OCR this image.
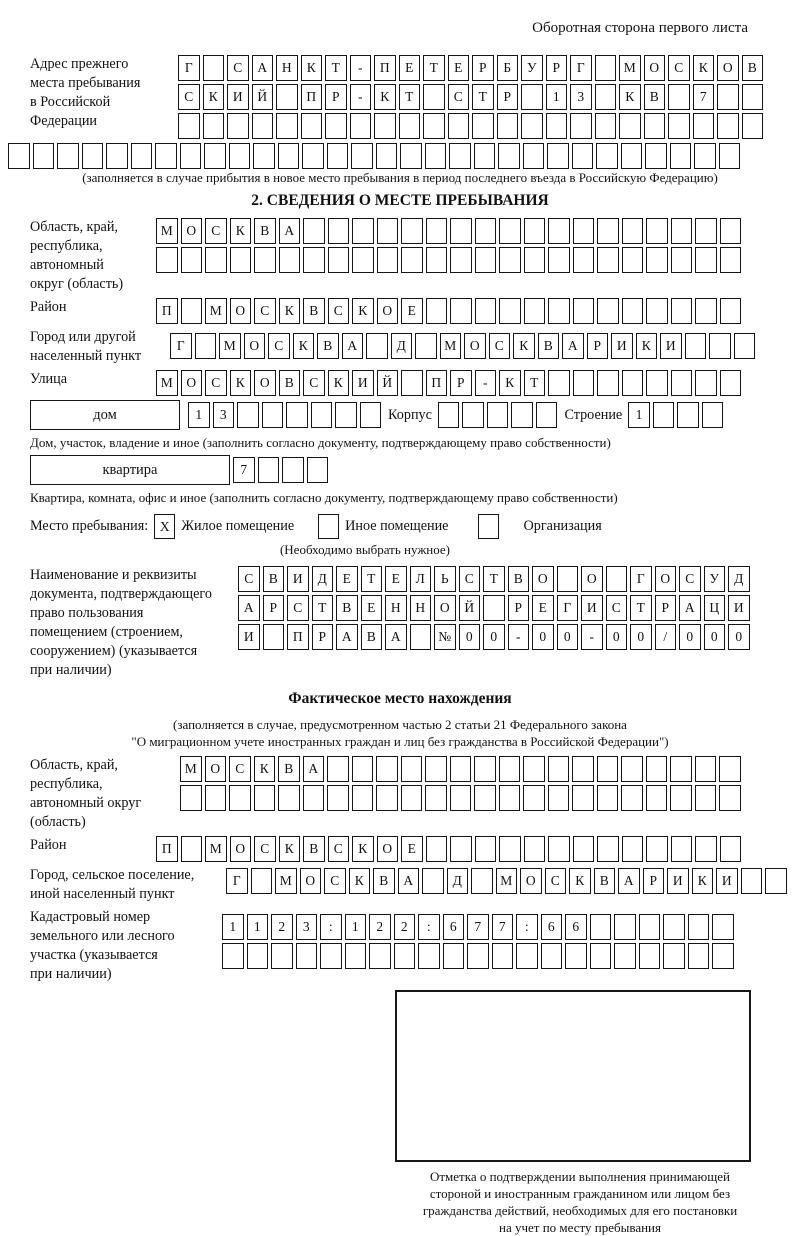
Оборотная сторона первого листа
Адрес прежнего
места пребывания
в Российской
Федерации
Г	С	А	Н	К	Т	-	П	Е	Т	Е	Р	Б	У	Р	Г	М	О	С	К	О	В
С	К	И	Й	П	Р	-	К	Т	С	Т	Р	1	3	К	В	7
(заполняется в случае прибытия в новое место пребывания в период последнего въезда в Российскую Федерацию)
2. СВЕДЕНИЯ О МЕСТЕ ПРЕБЫВАНИЯ
Область, край,
республика,
автономный
округ (область)
М	О	С	К	В	А
Район	П	М	О	С	К	В	С	К	О	Е
Город или другой
населенный пункт
Г	М	О	С	К	В	А	Д	М	О	С	К	В	А	Р	И	К	И
Улица	М	О	С	К	О	В	С	К	И	Й	П	Р	-	К	Т
дом	1	3	Корпус	Строение 1
Дом, участок, владение и иное (заполнить согласно документу, подтверждающему право собственности)
квартира	7
Квартира, комната, офис и иное (заполнить согласно документу, подтверждающему право собственности)
Место пребывания: X Жилое помещение	Иное помещение	Организация
(Необходимо выбрать нужное)
Наименование и реквизиты
документа, подтверждающего
право пользования
помещением (строением,
сооружением) (указывается
при наличии)
С	В	И	Д	Е	Т	Е	Л	Ь	С	Т	В	О	О	Г	О	С	У	Д
А	Р	С	Т	В	Е	Н	Н	О	Й	Р	Е	Г	И	С	Т	Р	А	Ц	И
И	П	Р	А	В	А	№	0	0	-	0	0	-	0	0	/	0	0	0
Фактическое место нахождения
(заполняется в случае, предусмотренном частью 2 статьи 21 Федерального закона
"О миграционном учете иностранных граждан и лиц без гражданства в Российской Федерации")
Область, край,
республика,
автономный округ
(область)
М	О	С	К	В	А
Район	П	М	О	С	К	В	С	К	О	Е
Город, сельское поселение,
иной населенный пункт
Г	М	О	С	К	В	А	Д	М	О	С	К	В	А	Р	И	К	И
Кадастровый номер
земельного или лесного
участка (указывается
при наличии)
1	1	2	3	:	1	2	2	:	6	7	7	:	6	6
Отметка о подтверждении выполнения принимающей
стороной и иностранным гражданином или лицом без
гражданства действий, необходимых для его постановки
на учет по месту пребывания
